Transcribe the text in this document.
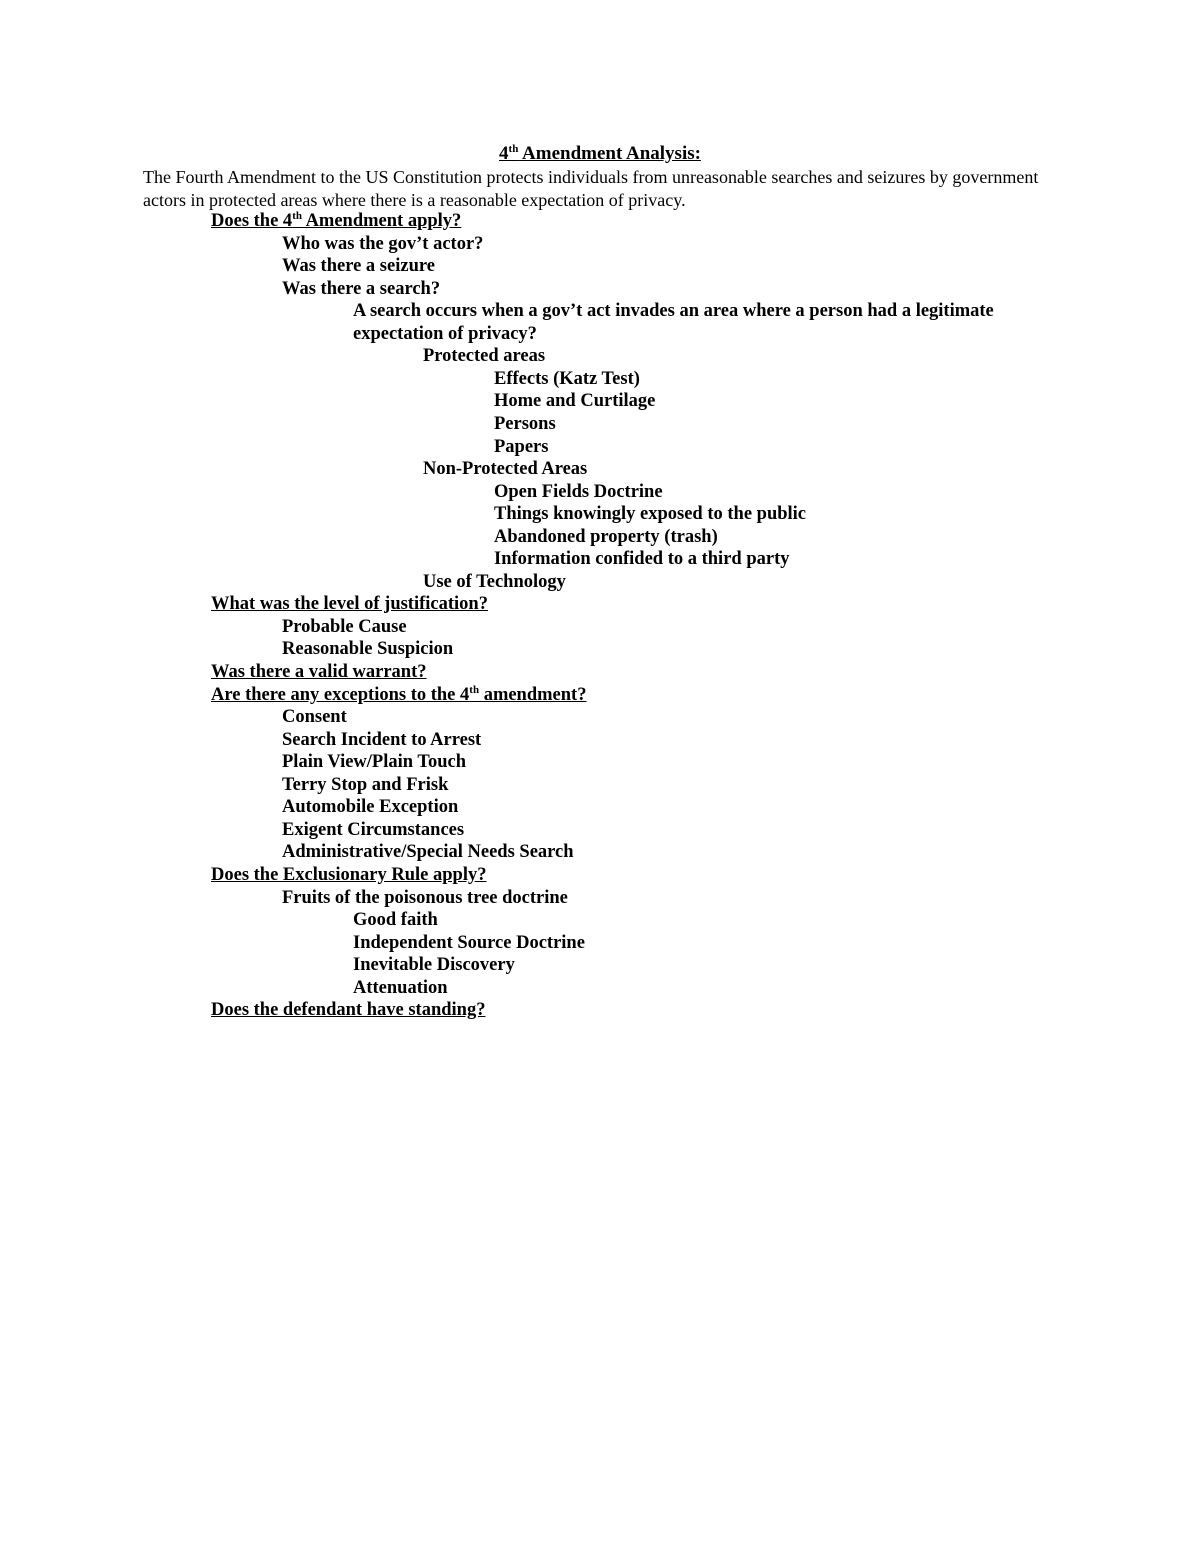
4th Amendment Analysis:
The Fourth Amendment to the US Constitution protects individuals from unreasonable searches and seizures by government actors in protected areas where there is a reasonable expectation of privacy.
Does the 4th Amendment apply?
Who was the gov’t actor?
Was there a seizure
Was there a search?
A search occurs when a gov’t act invades an area where a person had a legitimate
expectation of privacy?
Protected areas
Effects (Katz Test)
Home and Curtilage
Persons
Papers
Non-Protected Areas
Open Fields Doctrine
Things knowingly exposed to the public
Abandoned property (trash)
Information confided to a third party
Use of Technology
What was the level of justification?
Probable Cause
Reasonable Suspicion
Was there a valid warrant?
Are there any exceptions to the 4th amendment?
Consent
Search Incident to Arrest
Plain View/Plain Touch
Terry Stop and Frisk
Automobile Exception
Exigent Circumstances
Administrative/Special Needs Search
Does the Exclusionary Rule apply?
Fruits of the poisonous tree doctrine
Good faith
Independent Source Doctrine
Inevitable Discovery
Attenuation
Does the defendant have standing?
